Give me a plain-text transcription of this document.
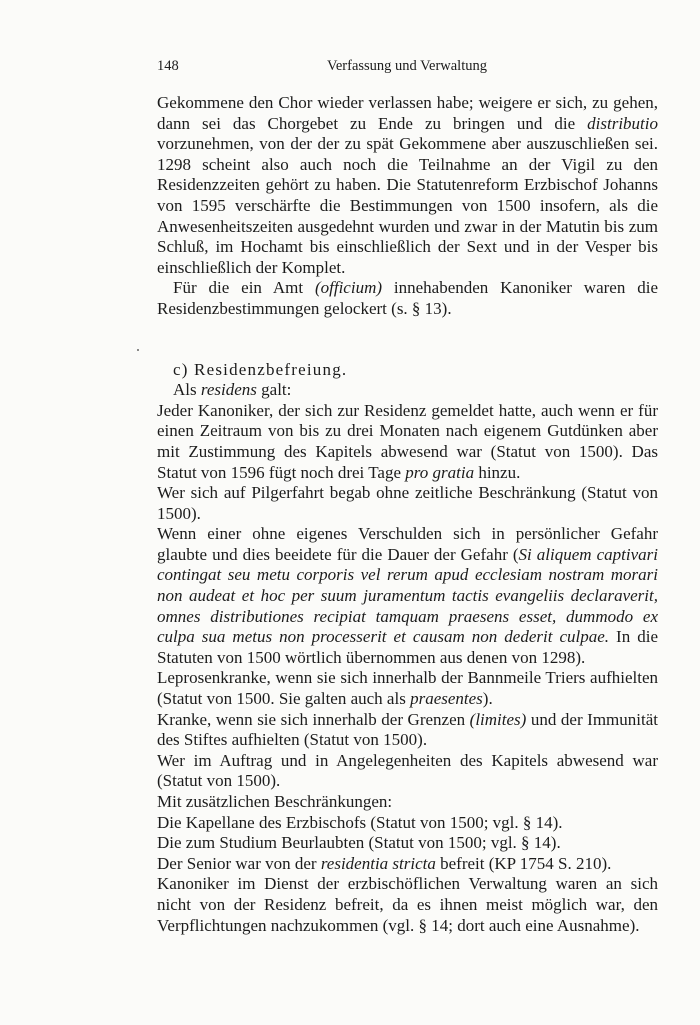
148	Verfassung und Verwaltung

Gekommene den Chor wieder verlassen habe; weigere er sich, zu gehen, dann sei das Chorgebet zu Ende zu bringen und die distributio vorzunehmen, von der der zu spät Gekommene aber auszuschließen sei. 1298 scheint also auch noch die Teilnahme an der Vigil zu den Residenzzeiten gehört zu haben. Die Statutenreform Erzbischof Johanns von 1595 verschärfte die Bestimmungen von 1500 insofern, als die Anwesenheitszeiten ausgedehnt wurden und zwar in der Matutin bis zum Schluß, im Hochamt bis einschließlich der Sext und in der Vesper bis einschließlich der Komplet.

Für die ein Amt (officium) innehabenden Kanoniker waren die Residenzbestimmungen gelockert (s. § 13).

c) Residenzbefreiung.

Als residens galt:

Jeder Kanoniker, der sich zur Residenz gemeldet hatte, auch wenn er für einen Zeitraum von bis zu drei Monaten nach eigenem Gutdünken aber mit Zustimmung des Kapitels abwesend war (Statut von 1500). Das Statut von 1596 fügt noch drei Tage pro gratia hinzu.

Wer sich auf Pilgerfahrt begab ohne zeitliche Beschränkung (Statut von 1500).

Wenn einer ohne eigenes Verschulden sich in persönlicher Gefahr glaubte und dies beeidete für die Dauer der Gefahr (Si aliquem captivari contingat seu metu corporis vel rerum apud ecclesiam nostram morari non audeat et hoc per suum juramentum tactis evangeliis declaraverit, omnes distributiones recipiat tamquam praesens esset, dummodo ex culpa sua metus non processerit et causam non dederit culpae. In die Statuten von 1500 wörtlich übernommen aus denen von 1298).

Leprosenkranke, wenn sie sich innerhalb der Bannmeile Triers aufhielten (Statut von 1500. Sie galten auch als praesentes).

Kranke, wenn sie sich innerhalb der Grenzen (limites) und der Immunität des Stiftes aufhielten (Statut von 1500).

Wer im Auftrag und in Angelegenheiten des Kapitels abwesend war (Statut von 1500).

Mit zusätzlichen Beschränkungen:

Die Kapellane des Erzbischofs (Statut von 1500; vgl. § 14).

Die zum Studium Beurlaubten (Statut von 1500; vgl. § 14).

Der Senior war von der residentia stricta befreit (KP 1754 S. 210).

Kanoniker im Dienst der erzbischöflichen Verwaltung waren an sich nicht von der Residenz befreit, da es ihnen meist möglich war, den Verpflichtungen nachzukommen (vgl. § 14; dort auch eine Ausnahme).
